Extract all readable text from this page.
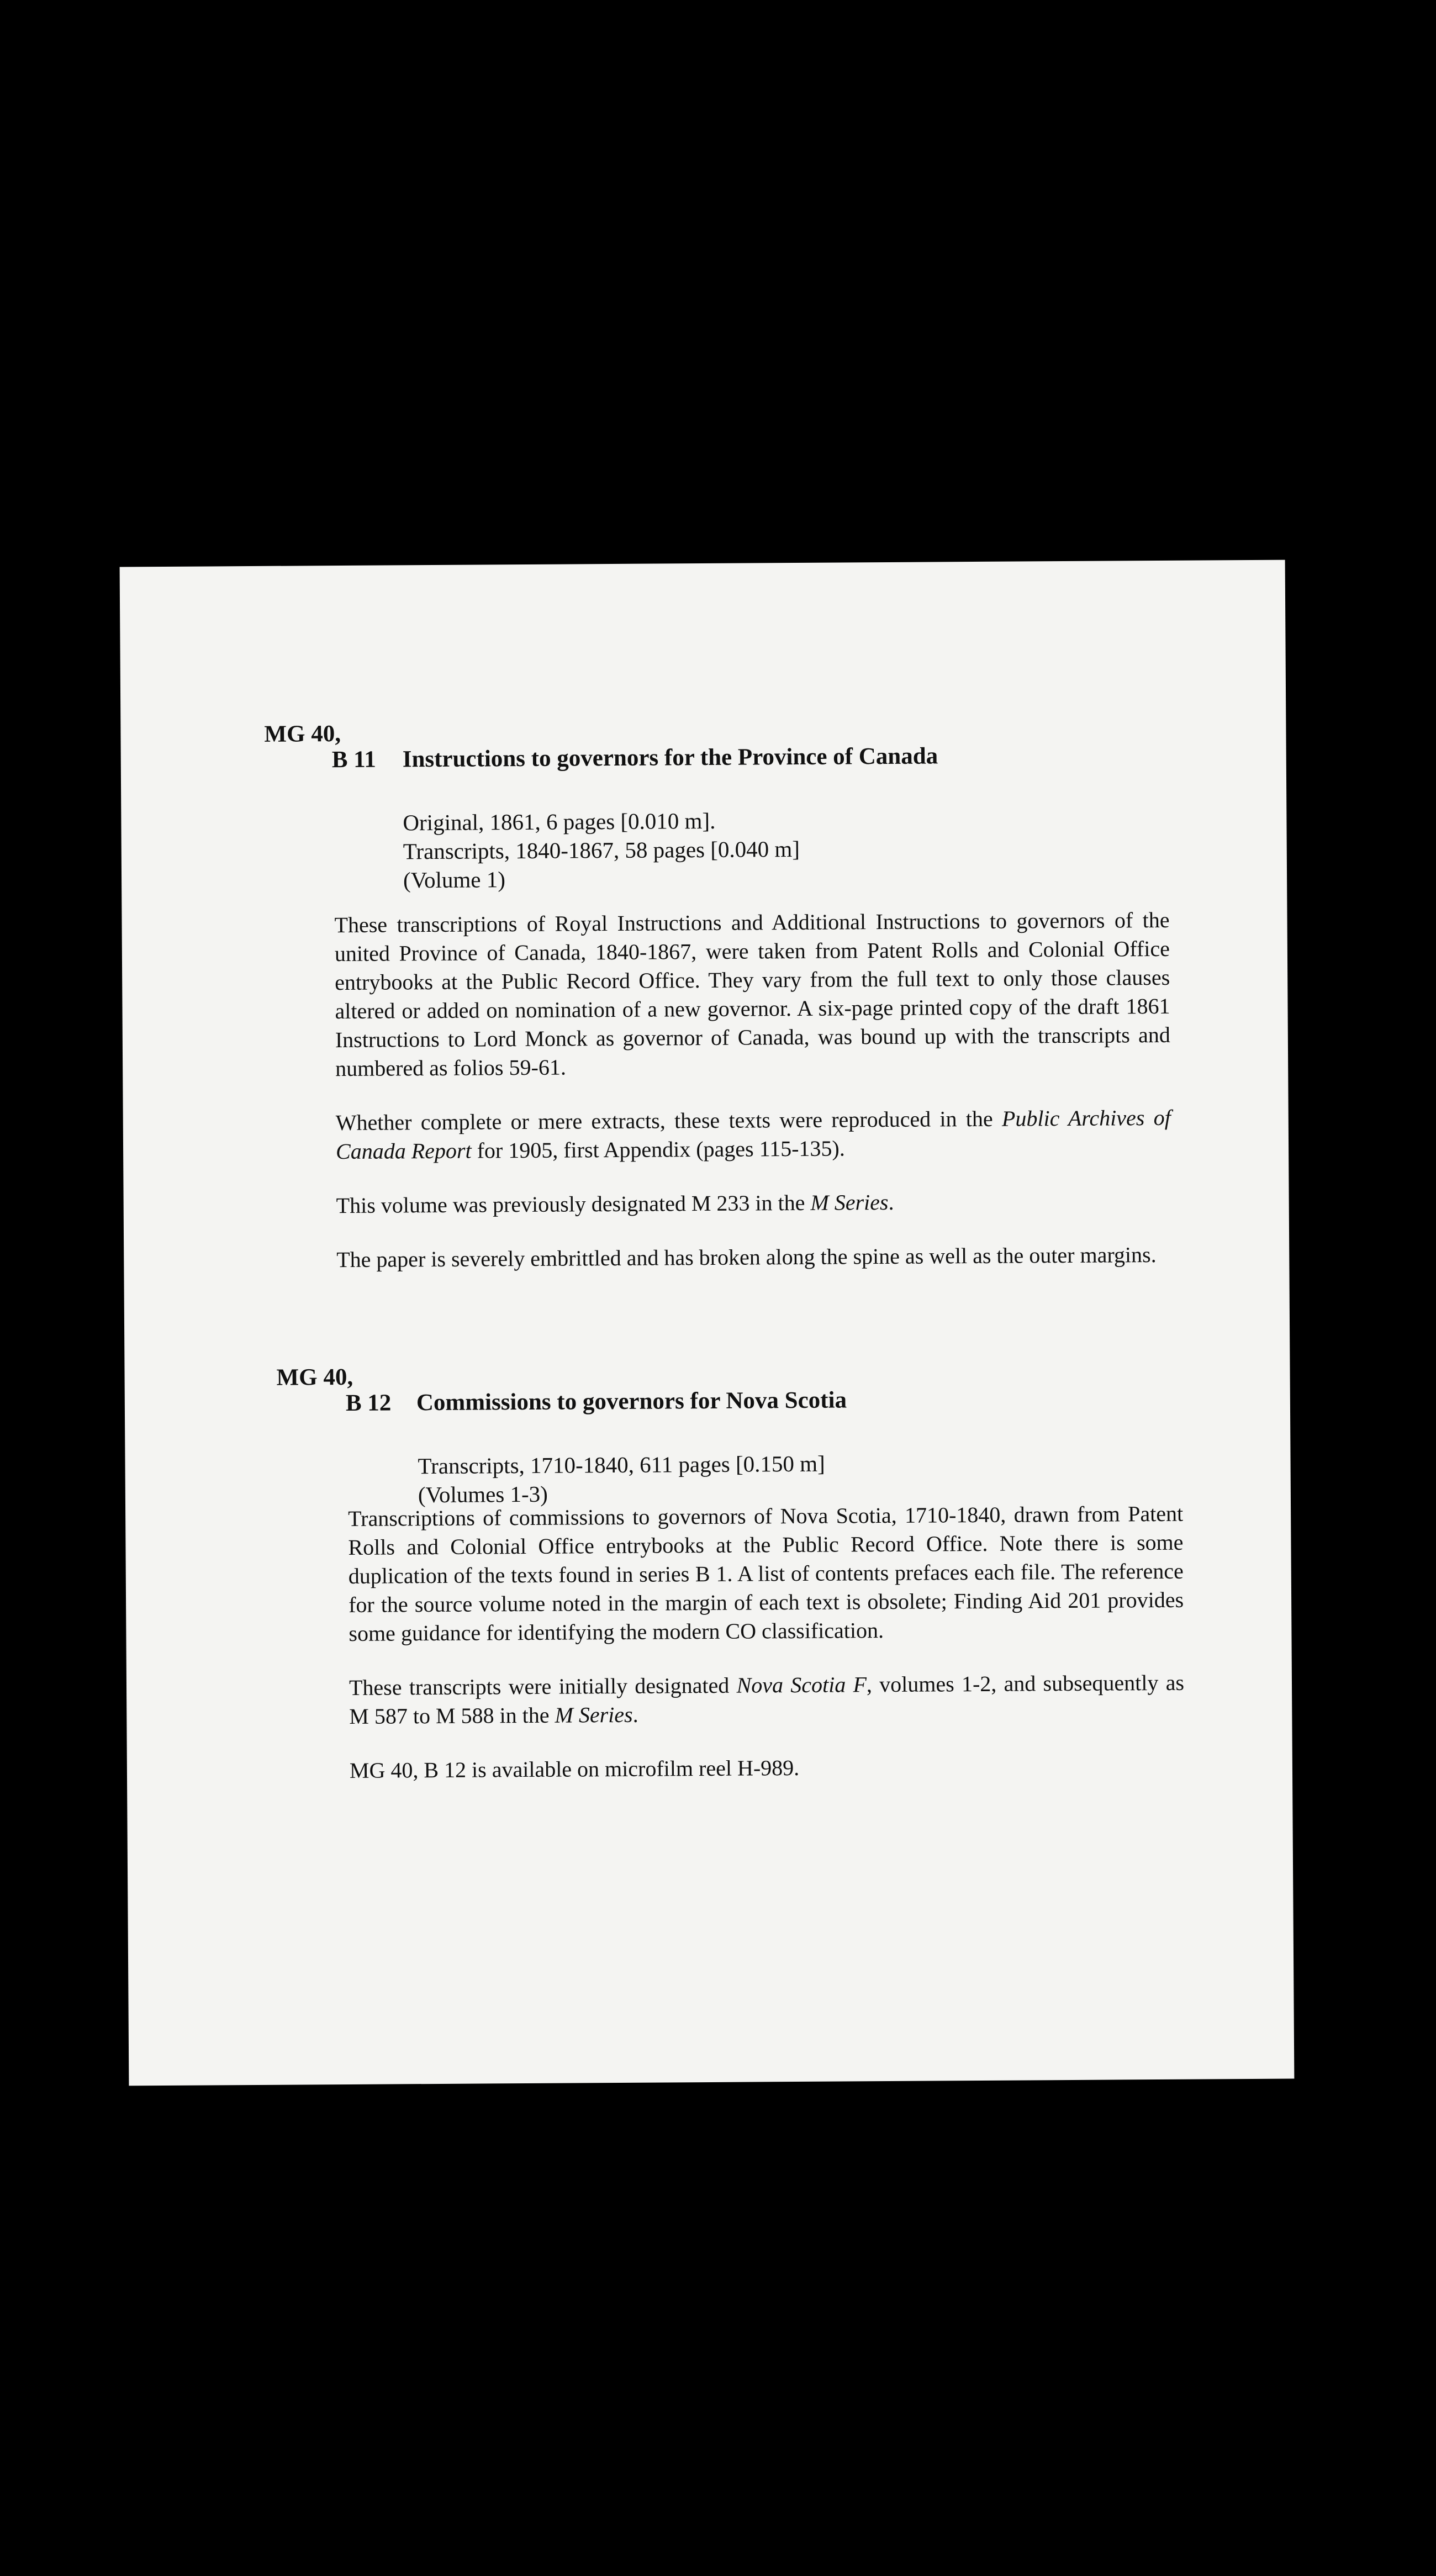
MG 40,
B 11 Instructions to governors for the Province of Canada
Original, 1861, 6 pages [0.010 m].
Transcripts, 1840-1867, 58 pages [0.040 m]
(Volume 1)

These transcriptions of Royal Instructions and Additional Instructions to governors of the united Province of Canada, 1840-1867, were taken from Patent Rolls and Colonial Office entrybooks at the Public Record Office. They vary from the full text to only those clauses altered or added on nomination of a new governor. A six-page printed copy of the draft 1861 Instructions to Lord Monck as governor of Canada, was bound up with the transcripts and numbered as folios 59-61.

Whether complete or mere extracts, these texts were reproduced in the Public Archives of Canada Report for 1905, first Appendix (pages 115-135).

This volume was previously designated M 233 in the M Series.

The paper is severely embrittled and has broken along the spine as well as the outer margins.

MG 40,
B 12 Commissions to governors for Nova Scotia
Transcripts, 1710-1840, 611 pages [0.150 m]
(Volumes 1-3)

Transcriptions of commissions to governors of Nova Scotia, 1710-1840, drawn from Patent Rolls and Colonial Office entrybooks at the Public Record Office. Note there is some duplication of the texts found in series B 1. A list of contents prefaces each file. The reference for the source volume noted in the margin of each text is obsolete; Finding Aid 201 provides some guidance for identifying the modern CO classification.

These transcripts were initially designated Nova Scotia F, volumes 1-2, and subsequently as M 587 to M 588 in the M Series.

MG 40, B 12 is available on microfilm reel H-989.
